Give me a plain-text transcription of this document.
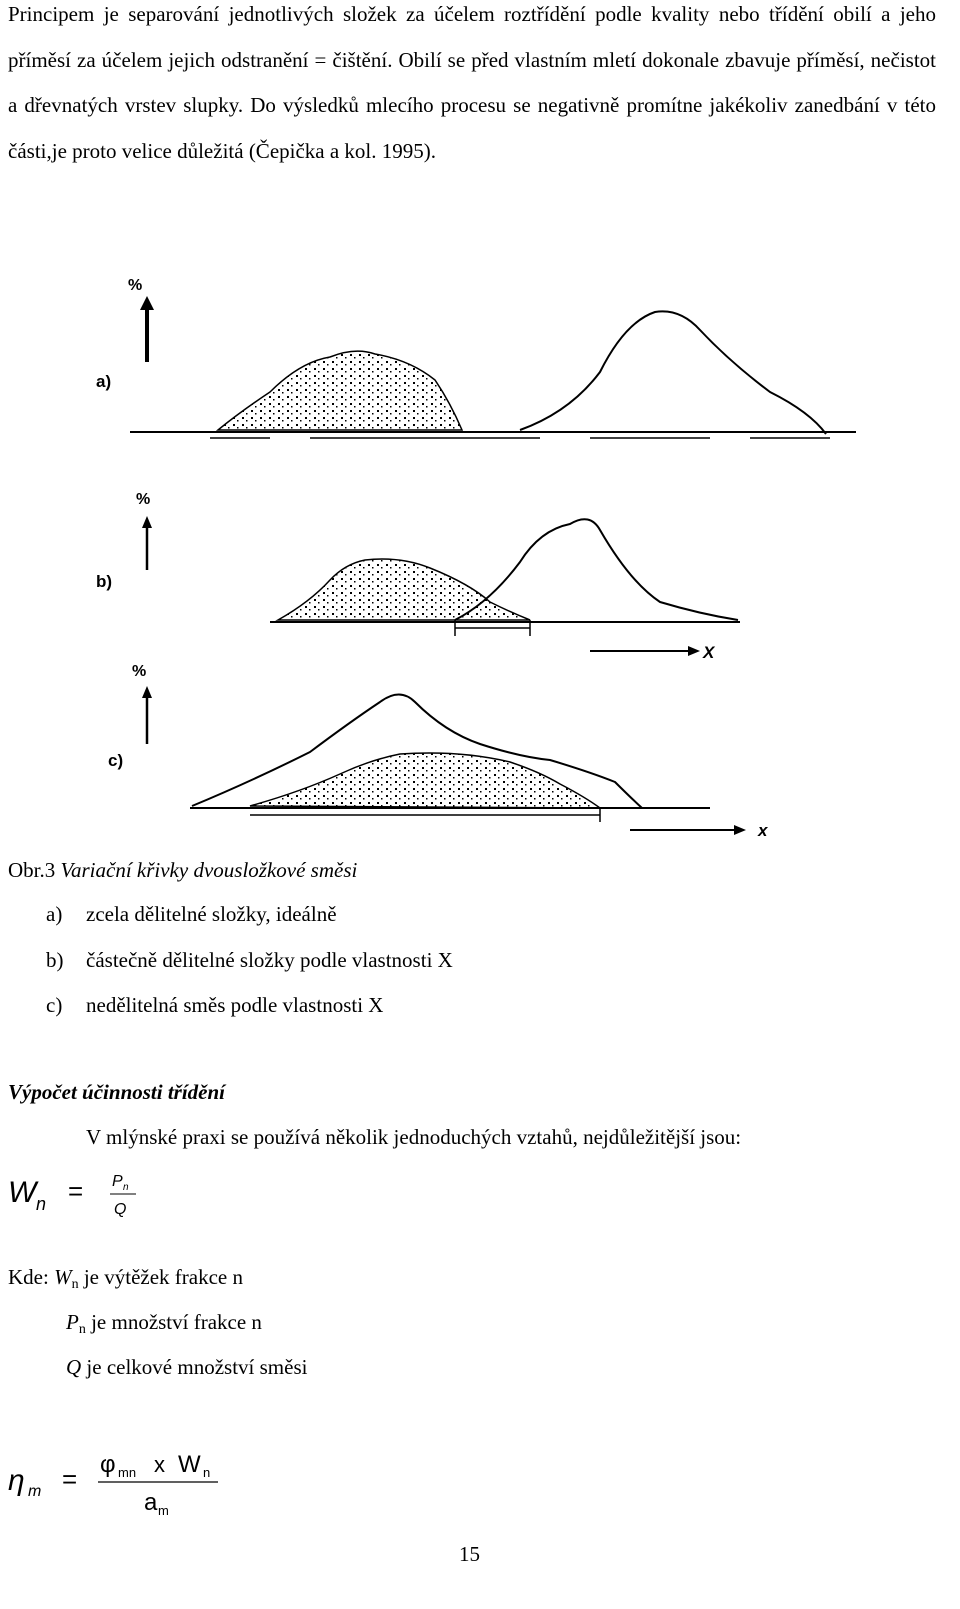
Principem je separování jednotlivých složek za účelem roztřídění podle kvality nebo třídění obilí a jeho příměsí za účelem jejich odstranění = čištění. Obilí se před vlastním mletí dokonale zbavuje příměsí, nečistot a dřevnatých vrstev slupky. Do výsledků mlecího procesu se negativně promítne jakékoliv zanedbání v této části,je proto velice důležitá (Čepička a kol. 1995).
%
a)
%
b)
X
%
c)
x
Obr.3 Variační křivky dvousložkové směsi
a) zcela dělitelné složky, ideálně
b) částečně dělitelné složky podle vlastnosti X
c) nedělitelná směs podle vlastnosti X
Výpočet účinnosti třídění
V mlýnské praxi se používá několik jednoduchých vztahů, nejdůležitější jsou:
W n = P n
Q
Kde: $W_n$ je výtěžek frakce n
$P_n$ je množství frakce n
Q je celkové množství směsi
η m = φ mn x W n
a m
15
